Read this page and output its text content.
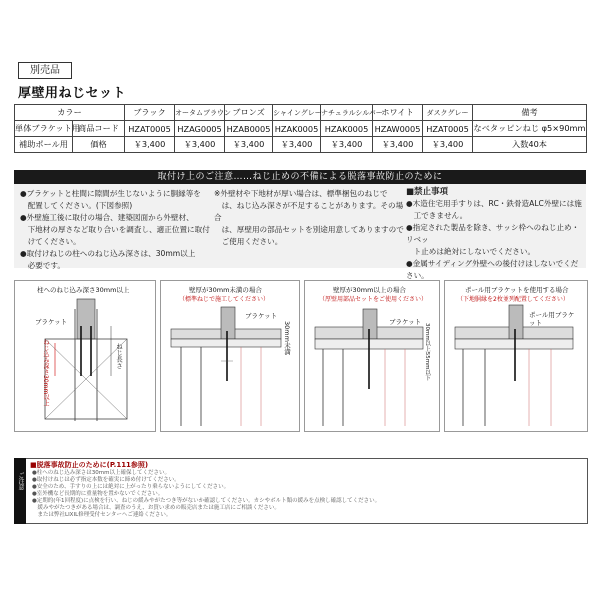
別売品
厚壁用ねじセット
カラー		ブラック	オータムブラウン	ブロンズ	シャイングレー	ナチュラルシルバー	ホワイト	ダスクグレー	備考
単体ブラケット用	商品コード	HZAT0005	HZAG0005	HZAB0005	HZAK0005	HZAK0005	HZAW0005	HZAT0005	なべタッピンねじ φ5×90mm
補助ポール用	価格	￥3,400	￥3,400	￥3,400	￥3,400	￥3,400	￥3,400	￥3,400	入数40本
取付け上のご注意……ねじ止めの不備による脱落事故防止のために
●ブラケットと柱間に隙間が生じないように胴縁等を
　配置してください。(下図参照)
●外壁施工後に取付の場合、建築図面から外壁材、
　下地材の厚さなど取り合いを調査し、適正位置に取付
　けてください。
●取付けねじの柱へのねじ込み深さは、30mm以上
　必要です。
※外壁材や下地材が厚い場合は、標準梱包のねじで
　は、ねじ込み深さが不足することがあります。その場合
　は、厚壁用の部品セットを別途用意してありますので
　ご使用ください。
■禁止事項
●木造住宅用手すりは、RC・鉄骨造ALC外壁には施
　工できません。
●指定された製品を除き、サッシ枠へのねじ止め・リベッ
　ト止めは絶対にしないでください。
●金属サイディング外壁への後付けはしないでください。
柱へのねじ込み深さ30mm以上
ブラケット
ねじ長さ
ねじ込み深さ30mm以上
壁厚が30mm未満の場合
（標準ねじで施工してください）
ブラケット
30mm未満
壁厚が30mm以上の場合
（厚壁用部品セットをご使用ください）
ブラケット
30mm以上55mm以下
ポール用ブラケットを使用する場合
（下地胴縁を2枚並列配置してください）
ポール用ブラケット
ご注意
■脱落事故防止のために(P.111参照)
●柱へのねじ込み深さは30mm以上確保してください。
●取付けねじは必ず指定本数を確実に締め付けてください。
●安全のため、手すりの上には絶対に上がったり乗らないようにしてください。
●室外機など長期的に重量物を置かないでください。
●定期的(年1回程度)に点検を行い、ねじの緩みやがたつき等がないか確認してください。カシやボルト類の緩みを点検し確認してください。
　緩みやがたつきがある場合は、調査のうえ、お買い求めの販売店または施工店にご相談ください。
　または弊社LIXIL修理受付センターへご連絡ください。
